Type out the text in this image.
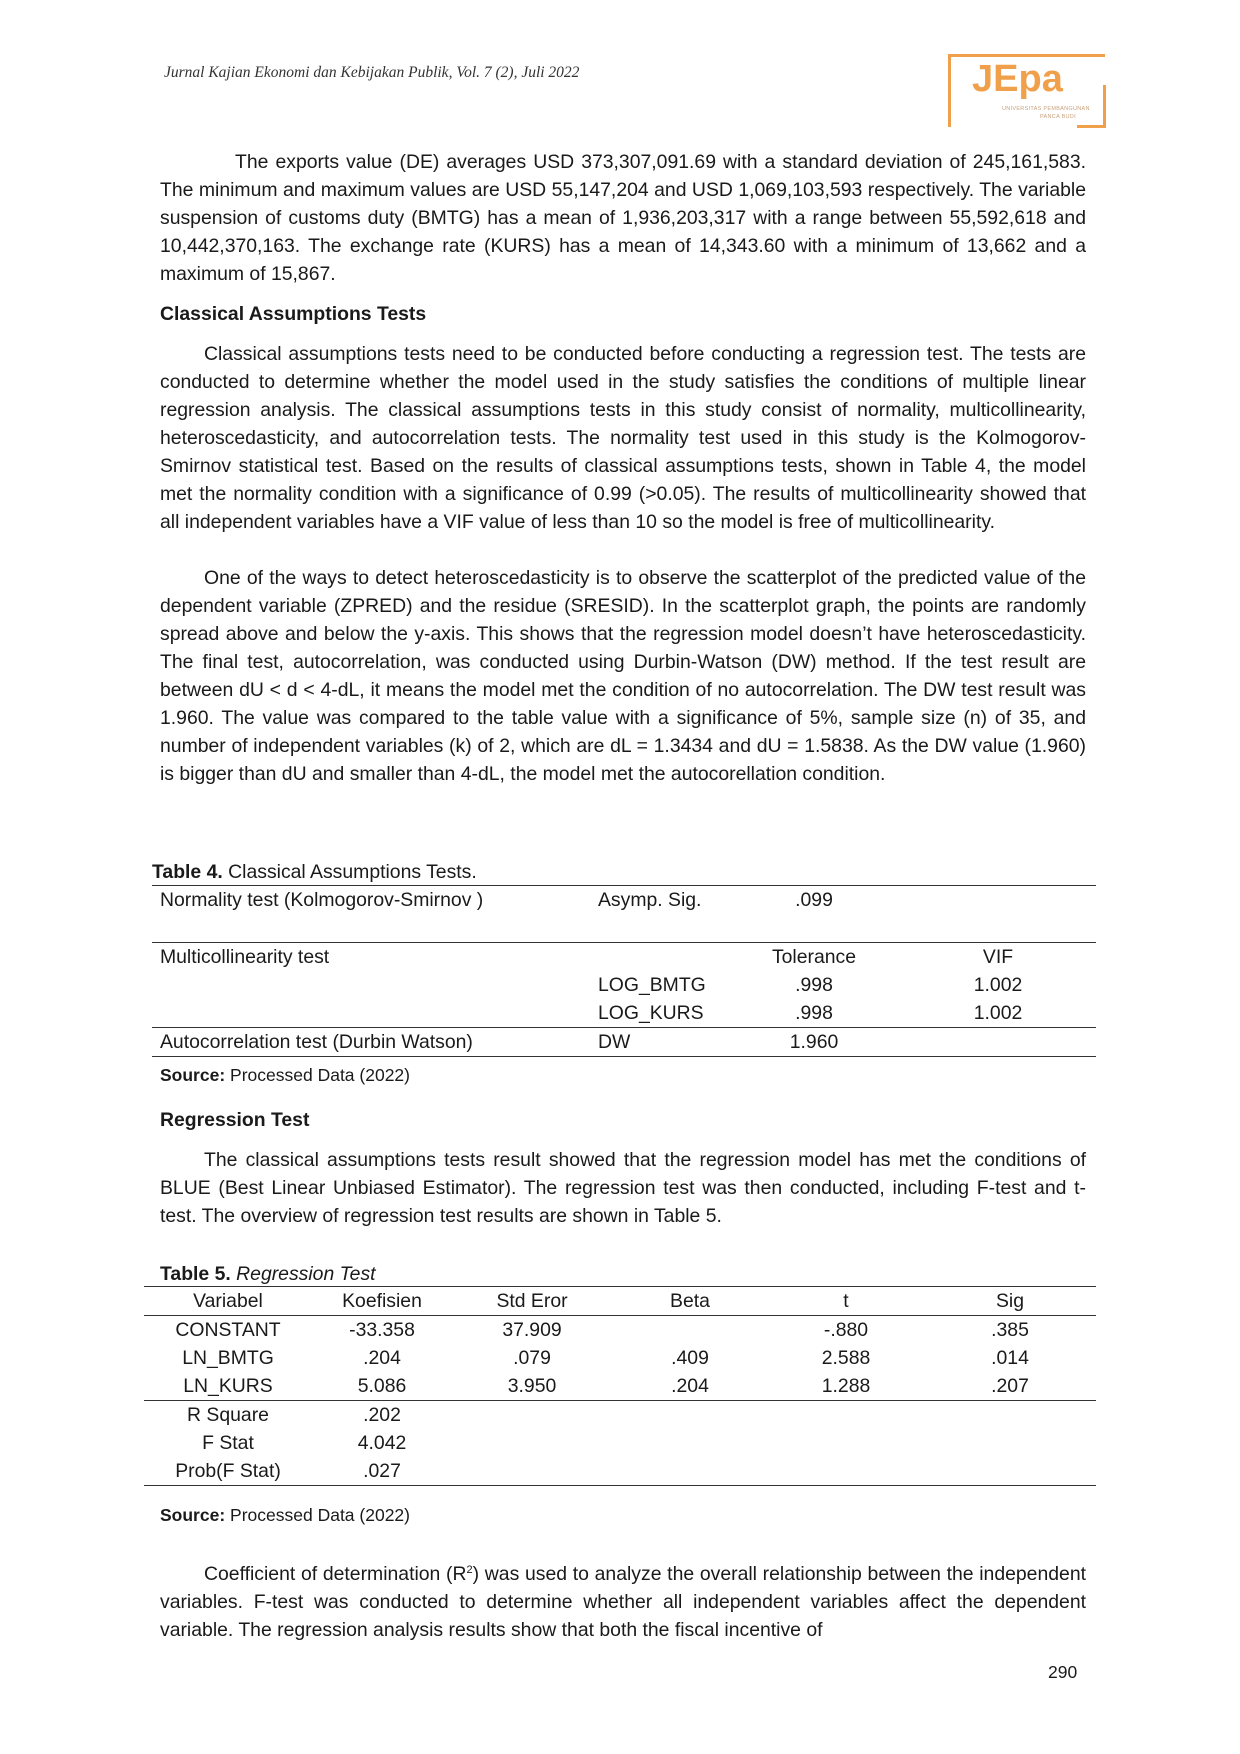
Jurnal Kajian Ekonomi dan Kebijakan Publik, Vol. 7 (2), Juli 2022	JEpa
UNIVERSITAS PEMBANGUNAN
PANCA BUDI

The exports value (DE) averages USD 373,307,091.69 with a standard deviation of 245,161,583. The minimum and maximum values are USD 55,147,204 and USD 1,069,103,593 respectively. The variable suspension of customs duty (BMTG) has a mean of 1,936,203,317 with a range between 55,592,618 and 10,442,370,163. The exchange rate (KURS) has a mean of 14,343.60 with a minimum of 13,662 and a maximum of 15,867.

Classical Assumptions Tests

Classical assumptions tests need to be conducted before conducting a regression test. The tests are conducted to determine whether the model used in the study satisfies the conditions of multiple linear regression analysis. The classical assumptions tests in this study consist of normality, multicollinearity, heteroscedasticity, and autocorrelation tests. The normality test used in this study is the Kolmogorov-Smirnov statistical test. Based on the results of classical assumptions tests, shown in Table 4, the model met the normality condition with a significance of 0.99 (>0.05). The results of multicollinearity showed that all independent variables have a VIF value of less than 10 so the model is free of multicollinearity.

One of the ways to detect heteroscedasticity is to observe the scatterplot of the predicted value of the dependent variable (ZPRED) and the residue (SRESID). In the scatterplot graph, the points are randomly spread above and below the y-axis. This shows that the regression model doesn’t have heteroscedasticity. The final test, autocorrelation, was conducted using Durbin-Watson (DW) method. If the test result are between dU < d < 4-dL, it means the model met the condition of no autocorrelation. The DW test result was 1.960. The value was compared to the table value with a significance of 5%, sample size (n) of 35, and number of independent variables (k) of 2, which are dL = 1.3434 and dU = 1.5838. As the DW value (1.960) is bigger than dU and smaller than 4-dL, the model met the autocorellation condition.

Table 4. Classical Assumptions Tests.
Normality test (Kolmogorov-Smirnov )	Asymp. Sig.	.099	

Multicollinearity test		Tolerance	VIF
	LOG_BMTG	.998	1.002
	LOG_KURS	.998	1.002
Autocorrelation test (Durbin Watson)	DW	1.960	
Source: Processed Data (2022)
Regression Test

The classical assumptions tests result showed that the regression model has met the conditions of BLUE (Best Linear Unbiased Estimator). The regression test was then conducted, including F-test and t-test. The overview of regression test results are shown in Table 5.

Table 5. Regression Test
Variabel	Koefisien	Std Eror	Beta	t	Sig
CONSTANT	-33.358	37.909		-.880	.385
LN_BMTG	.204	.079	.409	2.588	.014
LN_KURS	5.086	3.950	.204	1.288	.207
R Square	.202				
F Stat	4.042				
Prob(F Stat)	.027				
Source: Processed Data (2022)

Coefficient of determination $(R^2)$ was used to analyze the overall relationship between the independent variables. F-test was conducted to determine whether all independent variables affect the dependent variable. The regression analysis results show that both the fiscal incentive of

290
